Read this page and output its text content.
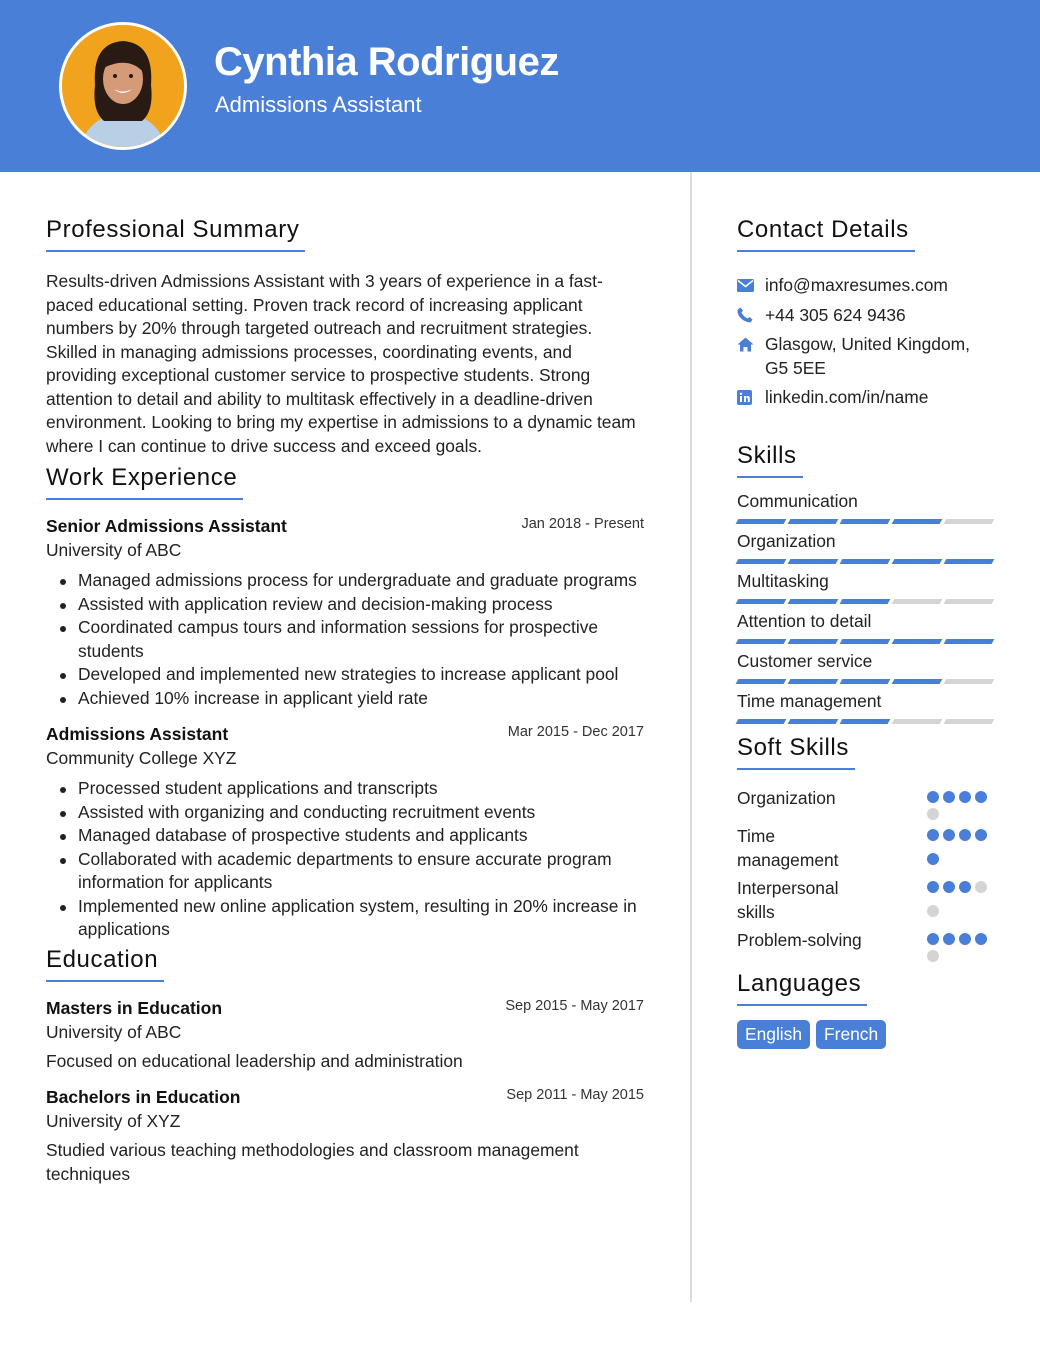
Cynthia Rodriguez
Admissions Assistant
Professional Summary

Results-driven Admissions Assistant with 3 years of experience in a fast-paced educational setting. Proven track record of increasing applicant numbers by 20% through targeted outreach and recruitment strategies. Skilled in managing admissions processes, coordinating events, and providing exceptional customer service to prospective students. Strong attention to detail and ability to multitask effectively in a deadline-driven environment. Looking to bring my expertise in admissions to a dynamic team where I can continue to drive success and exceed goals.

Work Experience
Senior Admissions Assistant	Jan 2018 - Present
University of ABC
Managed admissions process for undergraduate and graduate programs
Assisted with application review and decision-making process
Coordinated campus tours and information sessions for prospective students
Developed and implemented new strategies to increase applicant pool
Achieved 10% increase in applicant yield rate
Admissions Assistant	Mar 2015 - Dec 2017
Community College XYZ
Processed student applications and transcripts
Assisted with organizing and conducting recruitment events
Managed database of prospective students and applicants
Collaborated with academic departments to ensure accurate program information for applicants
Implemented new online application system, resulting in 20% increase in applications
Education
Masters in Education	Sep 2015 - May 2017
University of ABC

Focused on educational leadership and administration

Bachelors in Education	Sep 2011 - May 2015
University of XYZ

Studied various teaching methodologies and classroom management techniques

Contact Details
info@maxresumes.com
+44 305 624 9436
Glasgow, United Kingdom, G5 5EE
linkedin.com/in/name
Skills
Communication
Organization
Multitasking
Attention to detail
Customer service
Time management
Soft Skills
Organization
Time management
Interpersonal skills
Problem-solving
Languages
English	French
